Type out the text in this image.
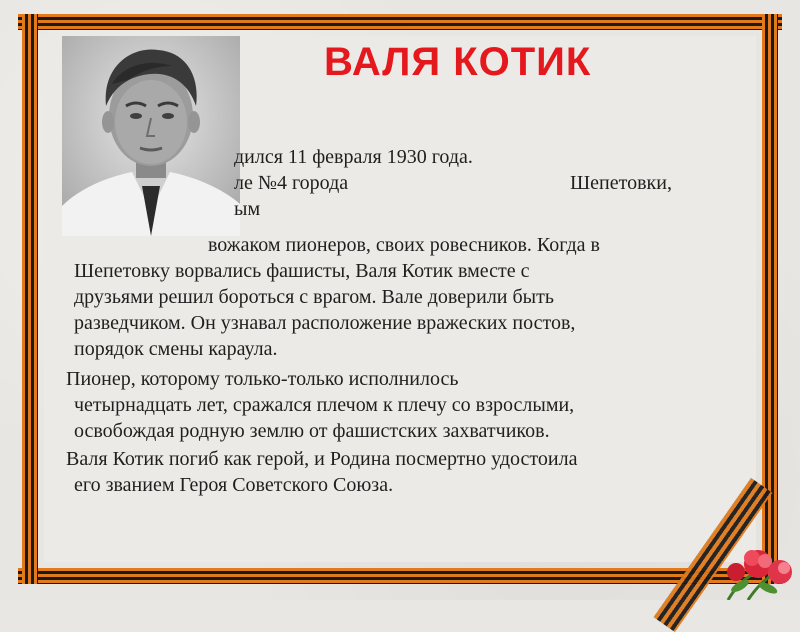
ВАЛЯ КОТИК
дился 11 февраля 1930 года.
ле №4 города	Шепетовки,
ым
вожаком пионеров, своих ровесников. Когда в
Шепетовку ворвались фашисты, Валя Котик вместе с
друзьями решил бороться с врагом. Вале доверили быть
разведчиком. Он узнавал расположение вражеских постов,
порядок смены караула.
Пионер, которому только-только исполнилось
четырнадцать лет, сражался плечом к плечу со взрослыми,
освобождая родную землю от фашистских захватчиков.
Валя Котик погиб как герой, и Родина посмертно удостоила
его званием Героя Советского Союза.
